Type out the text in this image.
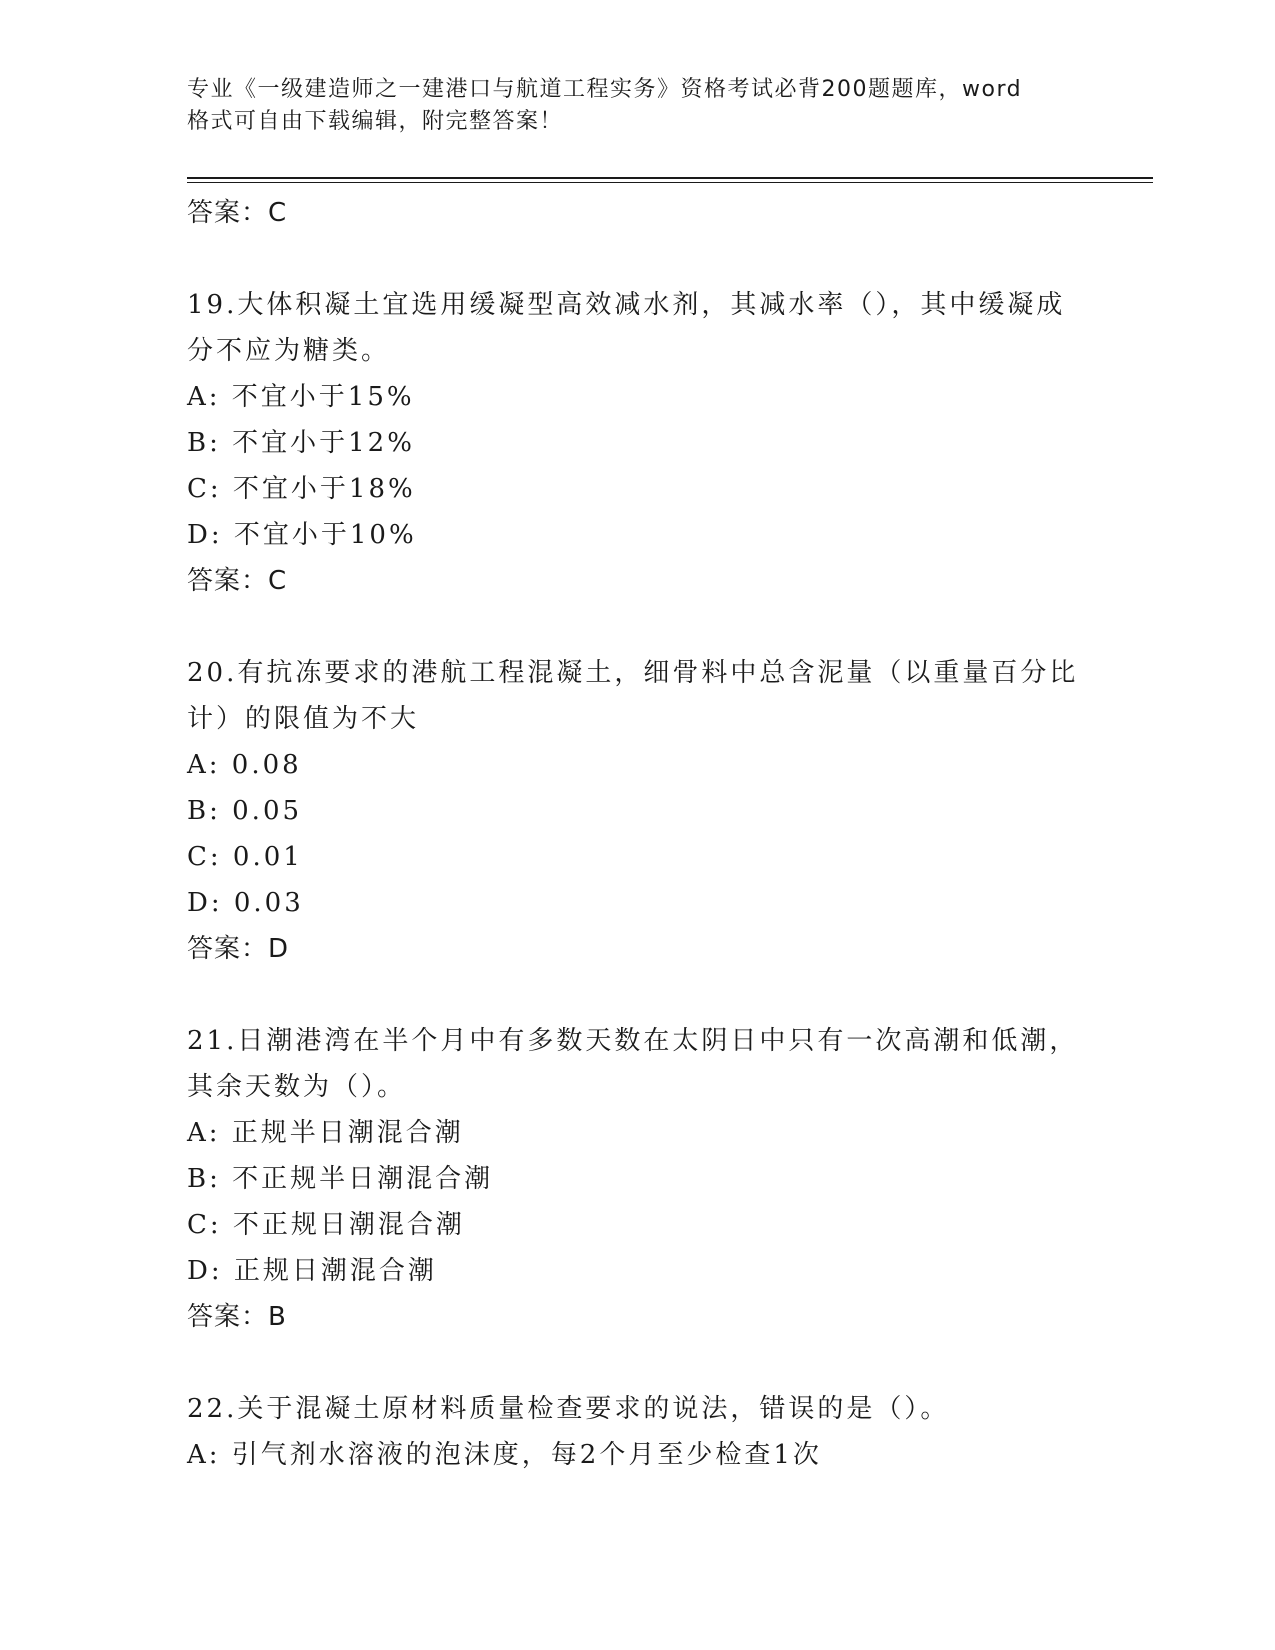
专业《一级建造师之一建港口与航道工程实务》资格考试必背200题题库，word
格式可自由下载编辑，附完整答案！
答案：C
19.大体积凝土宜选用缓凝型高效减水剂，其减水率（），其中缓凝成
分不应为糖类。
A: 不宜小于15%
B: 不宜小于12%
C: 不宜小于18%
D: 不宜小于10%
答案：C
20.有抗冻要求的港航工程混凝土，细骨料中总含泥量（以重量百分比
计）的限值为不大
A: 0.08
B: 0.05
C: 0.01
D: 0.03
答案：D
21.日潮港湾在半个月中有多数天数在太阴日中只有一次高潮和低潮，
其余天数为（）。
A: 正规半日潮混合潮
B: 不正规半日潮混合潮
C: 不正规日潮混合潮
D: 正规日潮混合潮
答案：B
22.关于混凝土原材料质量检查要求的说法，错误的是（）。
A: 引气剂水溶液的泡沫度，每2个月至少检查1次
